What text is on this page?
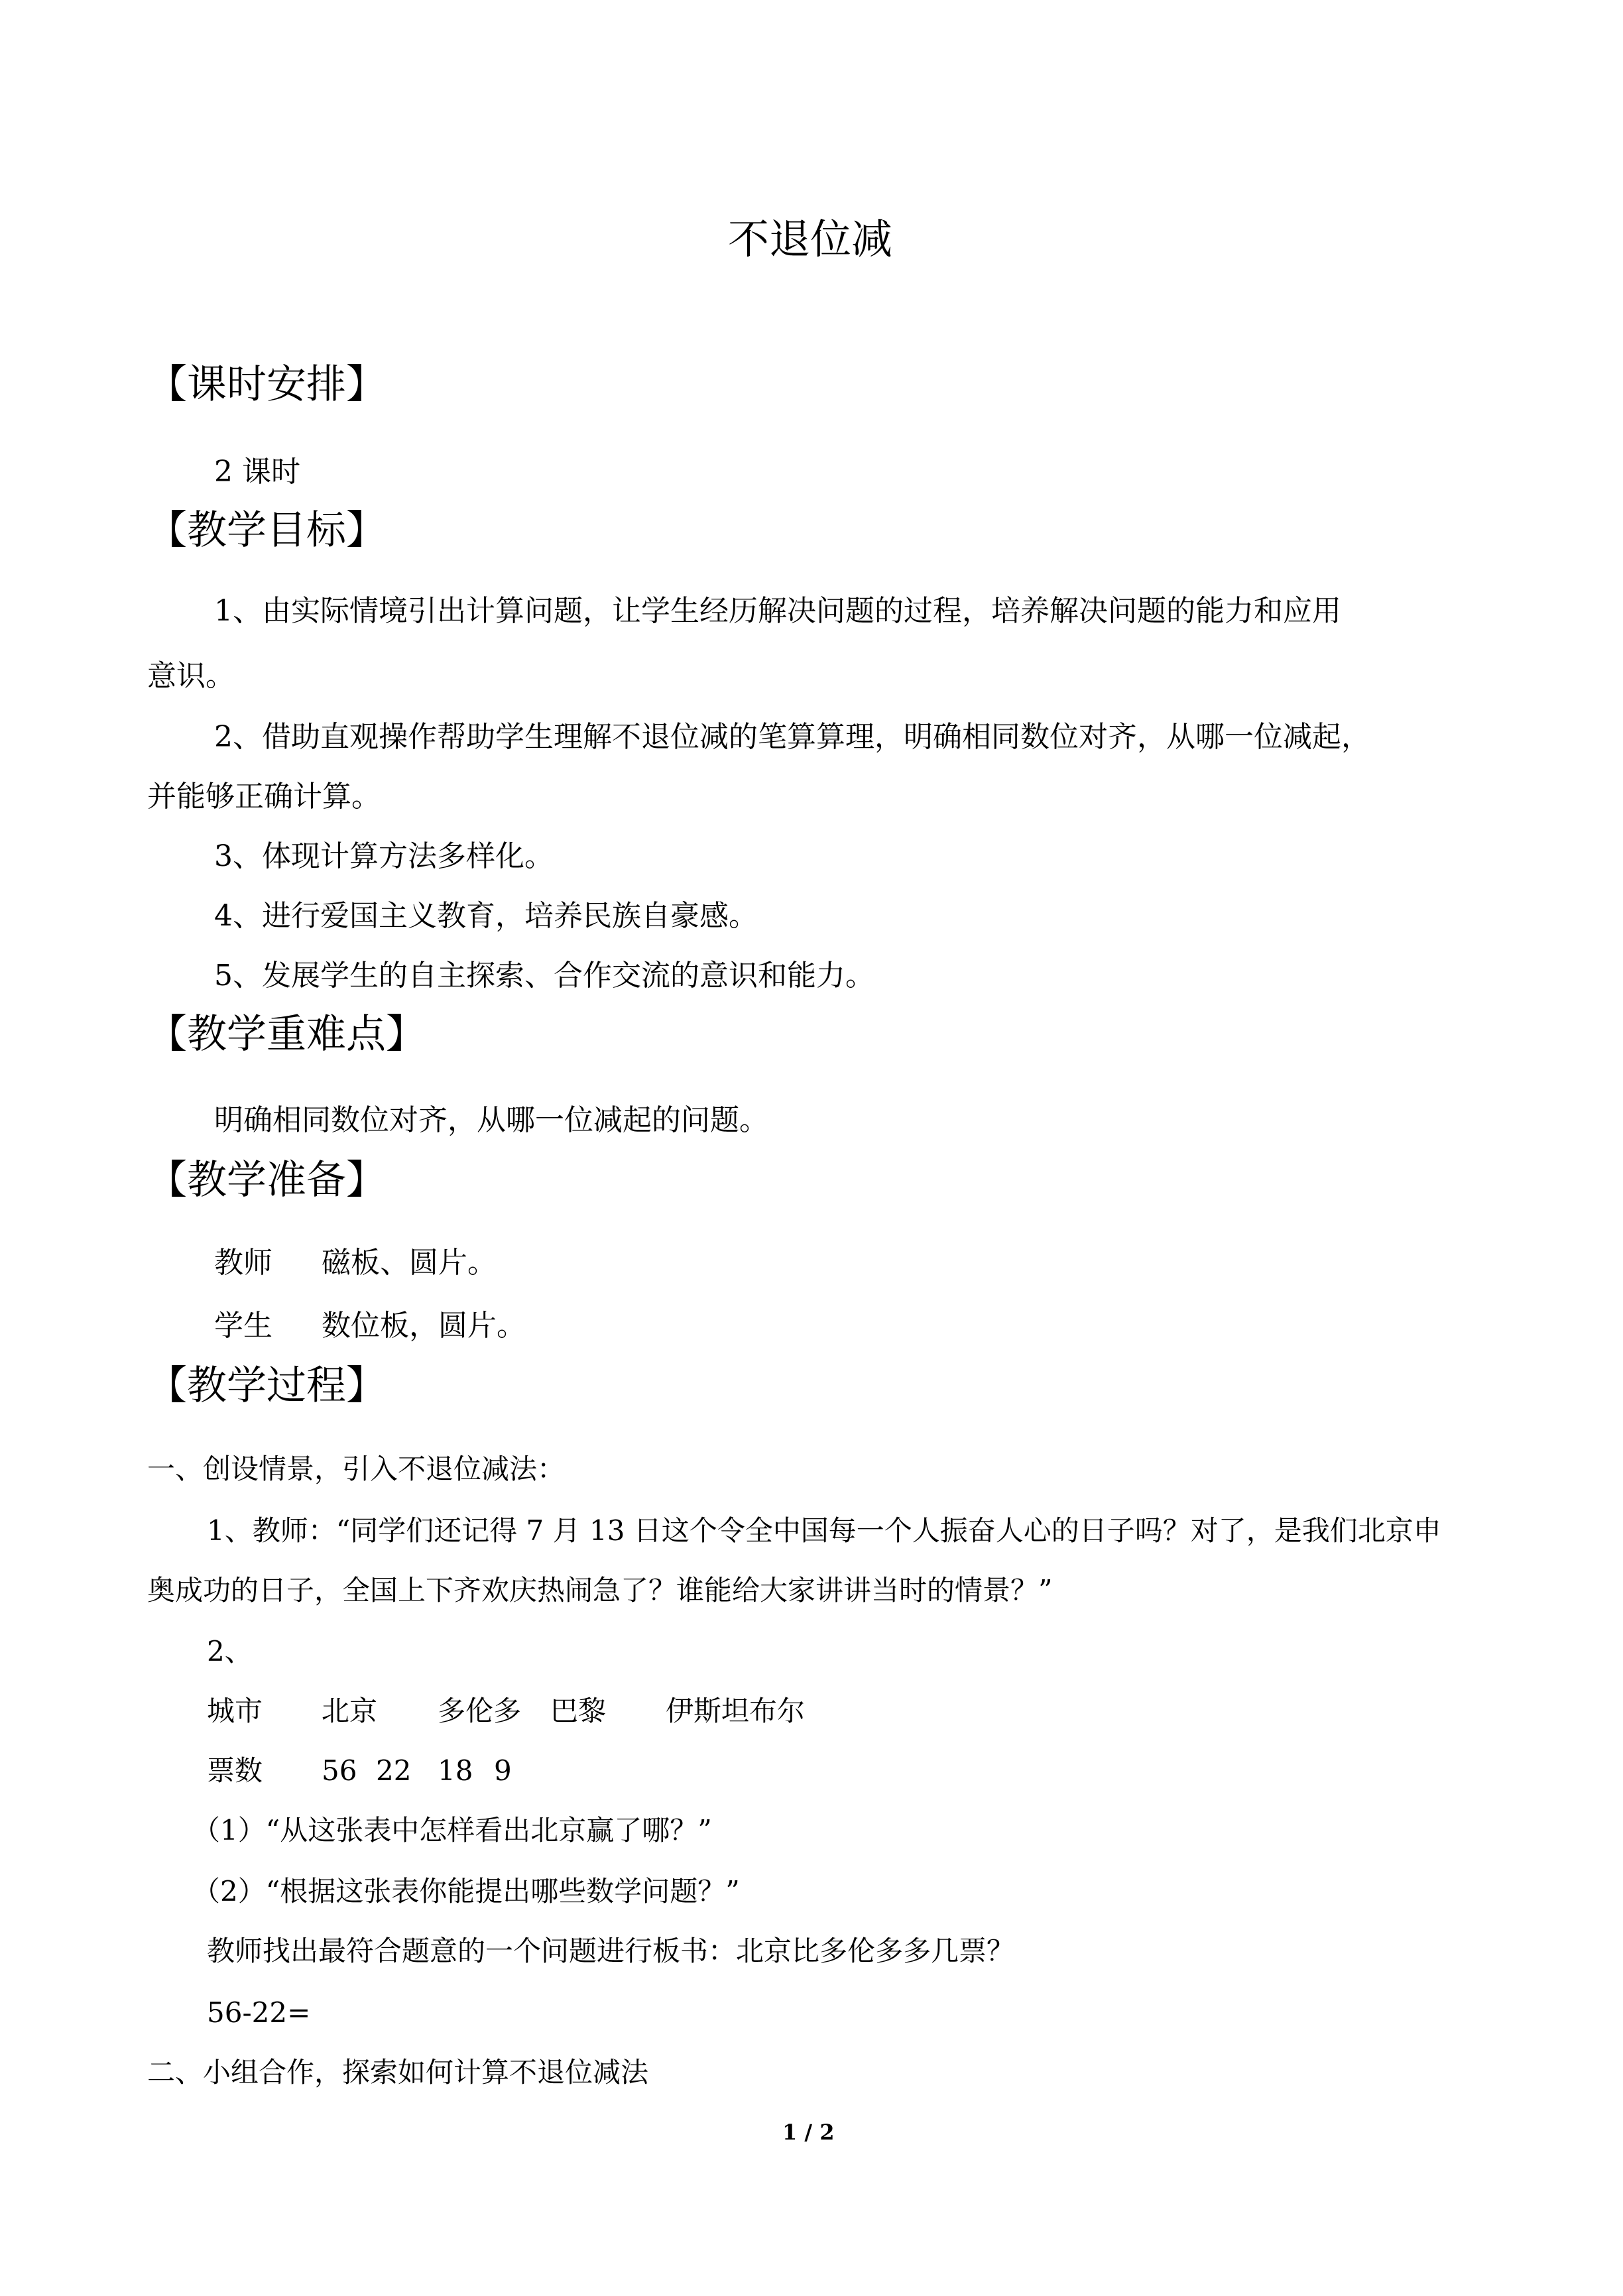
不退位减
【课时安排】
2 课时
【教学目标】
1、由实际情境引出计算问题，让学生经历解决问题的过程，培养解决问题的能力和应用
意识。
2、借助直观操作帮助学生理解不退位减的笔算算理，明确相同数位对齐，从哪一位减起，
并能够正确计算。
3、体现计算方法多样化。
4、进行爱国主义教育，培养民族自豪感。
5、发展学生的自主探索、合作交流的意识和能力。
【教学重难点】
明确相同数位对齐，从哪一位减起的问题。
【教学准备】
教师 磁板、圆片。
学生 数位板，圆片。
【教学过程】
一、创设情景，引入不退位减法：
1、教师：“同学们还记得 7 月 13 日这个令全中国每一个人振奋人心的日子吗？对了，是我们北京申
奥成功的日子，全国上下齐欢庆热闹急了？谁能给大家讲讲当时的情景？”
2、
城市 北京 多伦多 巴黎 伊斯坦布尔
票数 56 22 18 9
（1）“从这张表中怎样看出北京赢了哪？”
（2）“根据这张表你能提出哪些数学问题？”
教师找出最符合题意的一个问题进行板书：北京比多伦多多几票？
56-22=
二、小组合作，探索如何计算不退位减法
1 / 2
